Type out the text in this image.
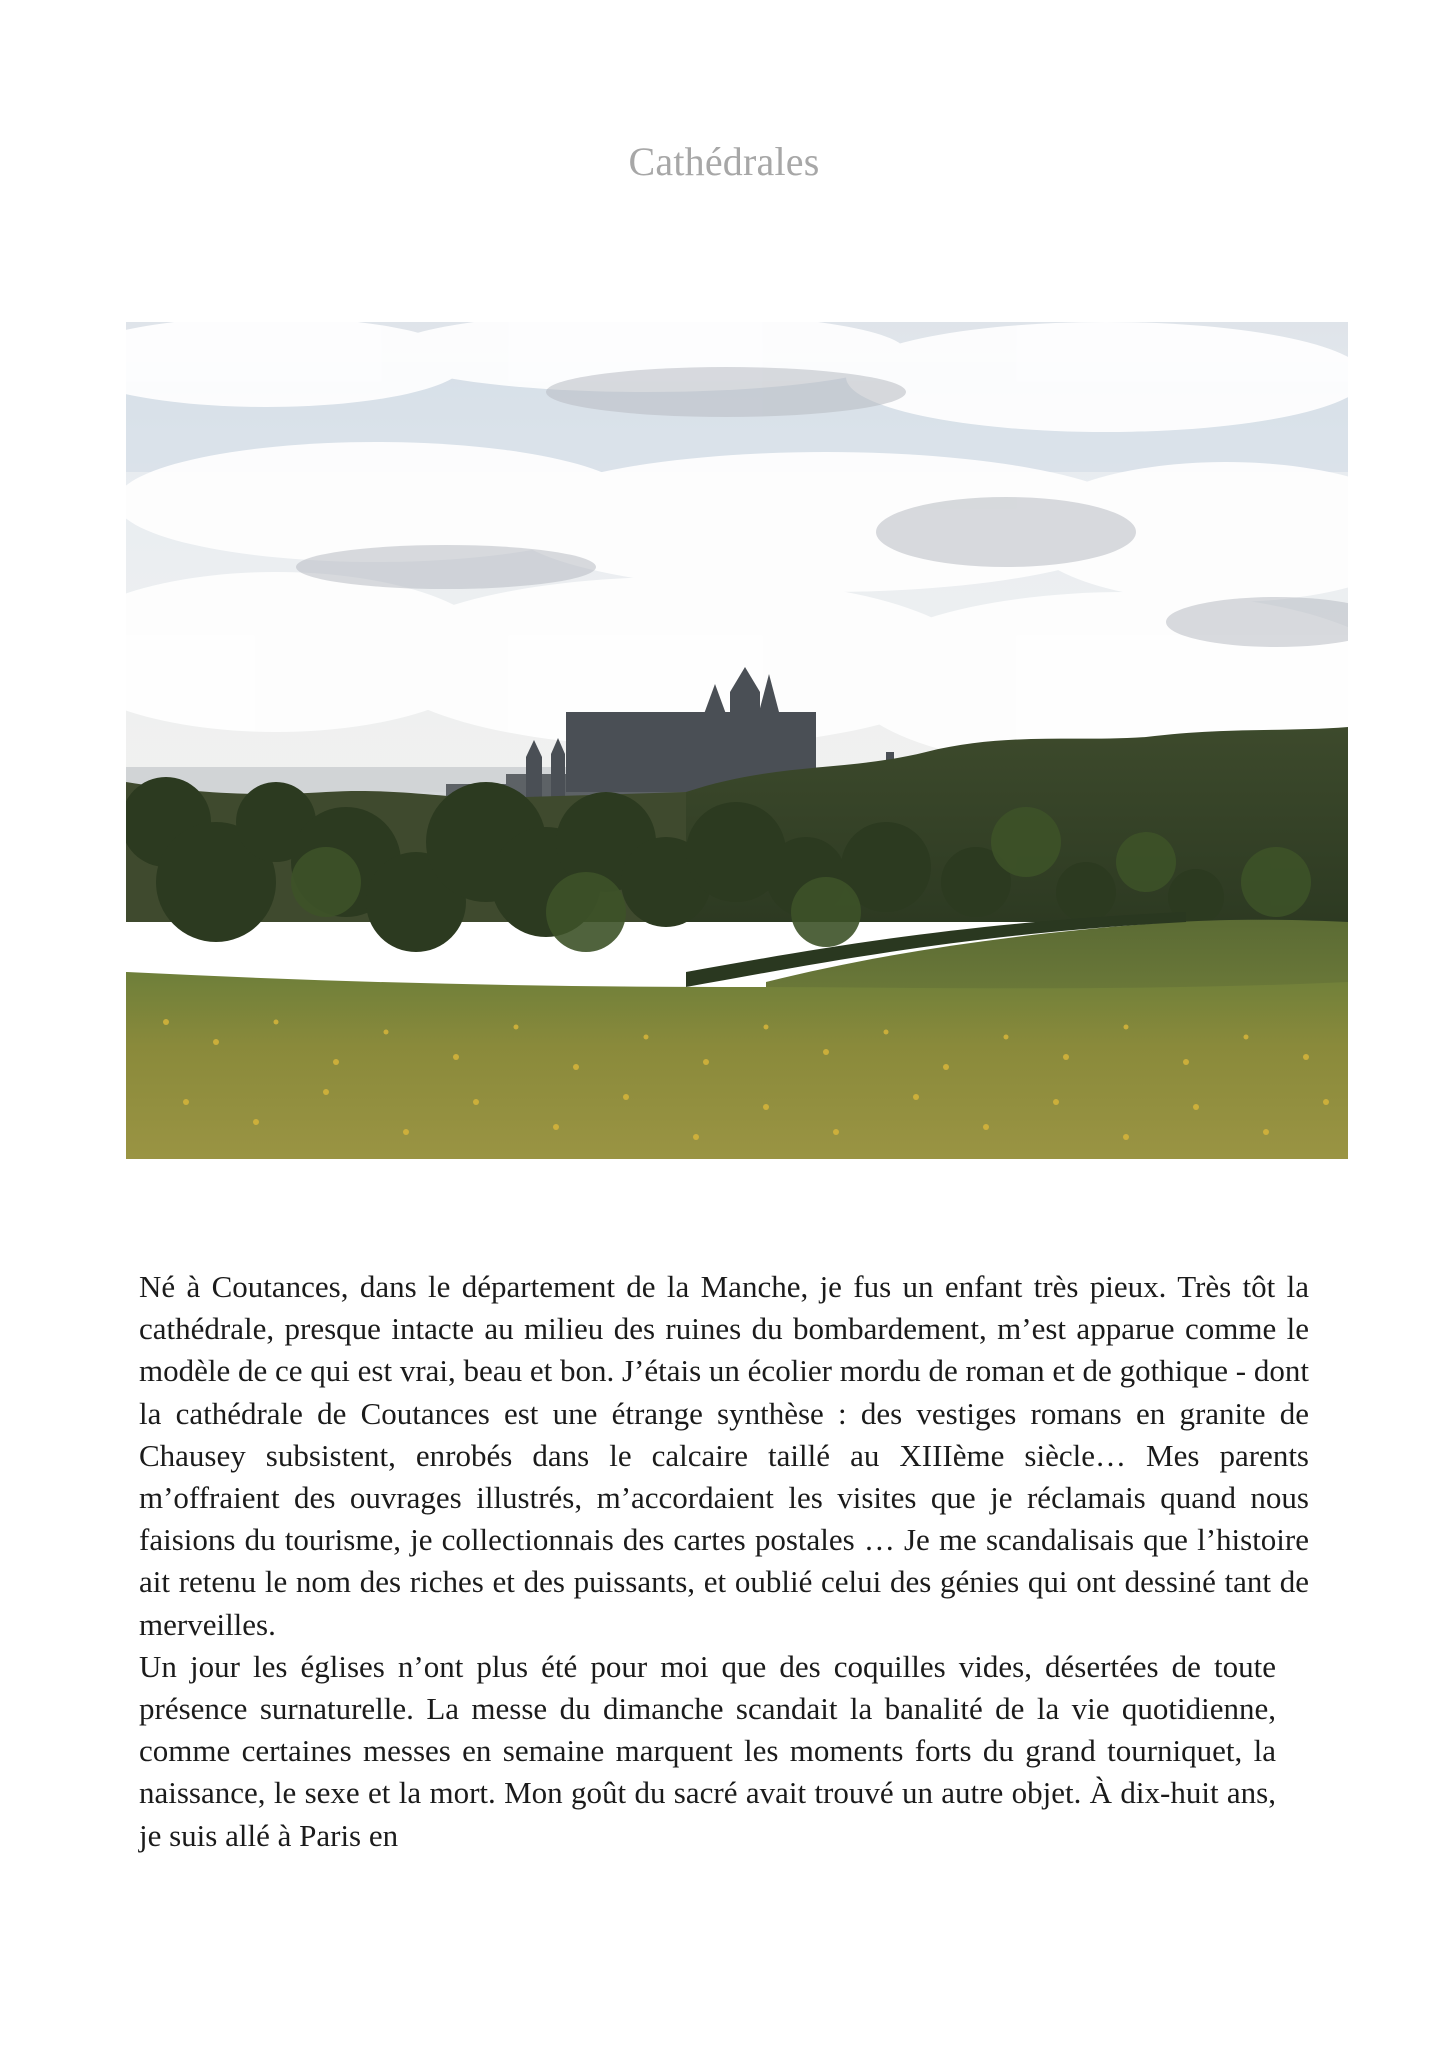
Cathédrales

Né à Coutances, dans le département de la Manche, je fus un enfant très pieux. Très tôt la cathédrale, presque intacte au milieu des ruines du bombardement, m’est apparue comme le modèle de ce qui est vrai, beau et bon. J’étais un écolier mordu de roman et de gothique - dont la cathédrale de Coutances est une étrange synthèse : des vestiges romans en granite de Chausey subsistent, enrobés dans le calcaire taillé au XIIIème siècle… Mes parents m’offraient des ouvrages illustrés, m’accordaient les visites que je réclamais quand nous faisions du tourisme, je collectionnais des cartes postales … Je me scandalisais que l’histoire ait retenu le nom des riches et des puissants, et oublié celui des génies qui ont dessiné tant de merveilles.

Un jour les églises n’ont plus été pour moi que des coquilles vides, désertées de toute présence surnaturelle. La messe du dimanche scandait la banalité de la vie quotidienne, comme certaines messes en semaine marquent les moments forts du grand tourniquet, la naissance, le sexe et la mort. Mon goût du sacré avait trouvé un autre objet. À dix-huit ans, je suis allé à Paris en
